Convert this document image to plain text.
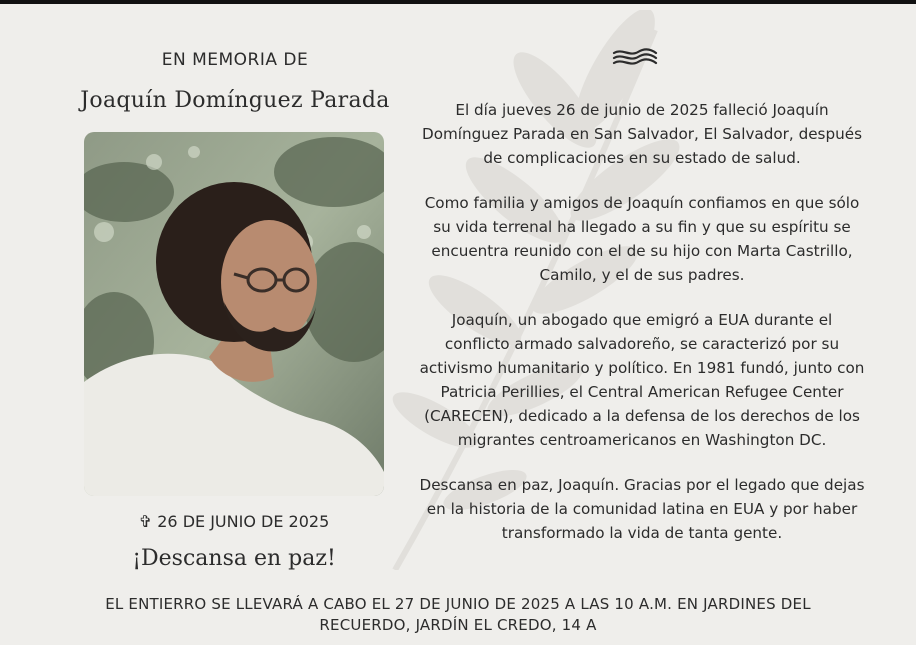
EN MEMORIA DE
Joaquín Domínguez Parada
✞ 26 DE JUNIO DE 2025
¡Descansa en paz!

El día jueves 26 de junio de 2025 falleció Joaquín Domínguez Parada en San Salvador, El Salvador, después de complicaciones en su estado de salud.

Como familia y amigos de Joaquín confiamos en que sólo su vida terrenal ha llegado a su fin y que su espíritu se encuentra reunido con el de su hijo con Marta Castrillo, Camilo, y el de sus padres.

Joaquín, un abogado que emigró a EUA durante el conflicto armado salvadoreño, se caracterizó por su activismo humanitario y político. En 1981 fundó, junto con Patricia Perillies, el Central American Refugee Center (CARECEN), dedicado a la defensa de los derechos de los migrantes centroamericanos en Washington DC.

Descansa en paz, Joaquín. Gracias por el legado que dejas en la historia de la comunidad latina en EUA y por haber transformado la vida de tanta gente.

EL ENTIERRO SE LLEVARÁ A CABO EL 27 DE JUNIO DE 2025 A LAS 10 A.M. EN JARDINES DEL
RECUERDO, JARDÍN EL CREDO, 14 A
